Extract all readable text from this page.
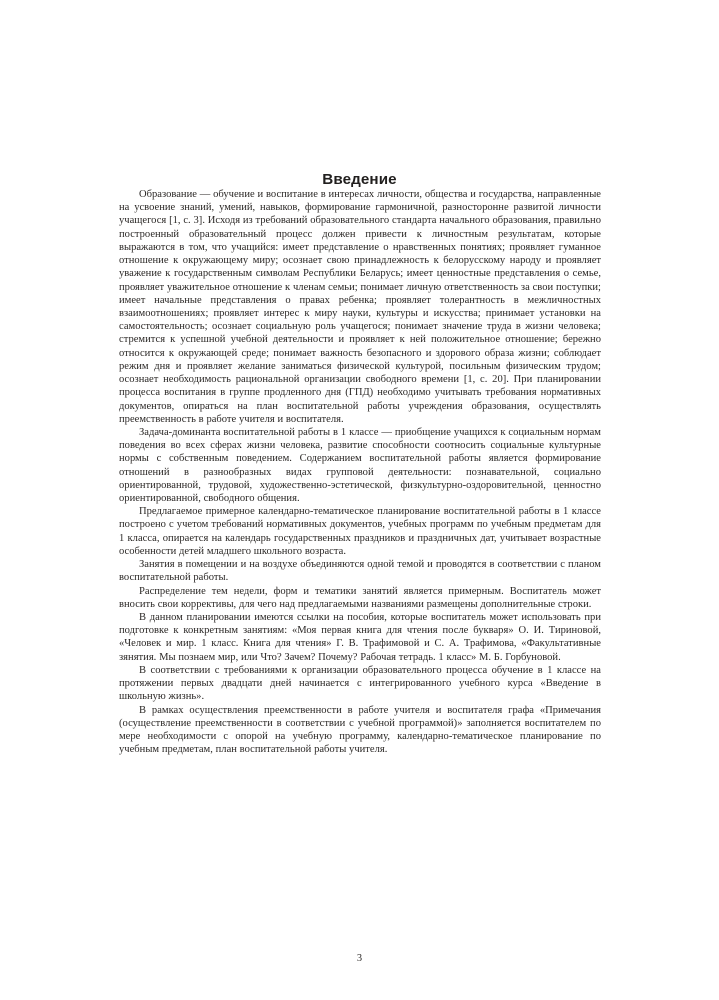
Введение

Образование — обучение и воспитание в интересах личности, общества и государства, направленные на усвоение знаний, умений, навыков, формирование гармоничной, разносторонне развитой личности учащегося [1, с. 3]. Исходя из требований образовательного стандарта начального образования, правильно построенный образовательный процесс должен привести к личностным результатам, которые выражаются в том, что учащийся: имеет представление о нравственных понятиях; проявляет гуманное отношение к окружающему миру; осознает свою принадлежность к белорусскому народу и проявляет уважение к государственным символам Республики Беларусь; имеет ценностные представления о семье, проявляет уважительное отношение к членам семьи; понимает личную ответственность за свои поступки; имеет начальные представления о правах ребенка; проявляет толерантность в межличностных взаимоотношениях; проявляет интерес к миру науки, культуры и искусства; принимает установки на самостоятельность; осознает социальную роль учащегося; понимает значение труда в жизни человека; стремится к успешной учебной деятельности и проявляет к ней положительное отношение; бережно относится к окружающей среде; понимает важность безопасного и здорового образа жизни; соблюдает режим дня и проявляет желание заниматься физической культурой, посильным физическим трудом; осознает необходимость рациональной организации свободного времени [1, с. 20]. При планировании процесса воспитания в группе продленного дня (ГПД) необходимо учитывать требования нормативных документов, опираться на план воспитательной работы учреждения образования, осуществлять преемственность в работе учителя и воспитателя.

Задача-доминанта воспитательной работы в 1 классе — приобщение учащихся к социальным нормам поведения во всех сферах жизни человека, развитие способности соотносить социальные культурные нормы с собственным поведением. Содержанием воспитательной работы является формирование отношений в разнообразных видах групповой деятельности: познавательной, социально ориентированной, трудовой, художественно-эстетической, физкультурно-оздоровительной, ценностно ориентированной, свободного общения.

Предлагаемое примерное календарно-тематическое планирование воспитательной работы в 1 классе построено с учетом требований нормативных документов, учебных программ по учебным предметам для 1 класса, опирается на календарь государственных праздников и праздничных дат, учитывает возрастные особенности детей младшего школьного возраста.

Занятия в помещении и на воздухе объединяются одной темой и проводятся в соответствии с планом воспитательной работы.

Распределение тем недели, форм и тематики занятий является примерным. Воспитатель может вносить свои коррективы, для чего над предлагаемыми названиями размещены дополнительные строки.

В данном планировании имеются ссылки на пособия, которые воспитатель может использовать при подготовке к конкретным занятиям: «Моя первая книга для чтения после букваря» О. И. Тириновой, «Человек и мир. 1 класс. Книга для чтения» Г. В. Трафимовой и С. А. Трафимова, «Факультативные зянятия. Мы познаем мир, или Что? Зачем? Почему? Рабочая тетрадь. 1 класс» М. Б. Горбуновой.

В соответствии с требованиями к организации образовательного процесса обучение в 1 классе на протяжении первых двадцати дней начинается с интегрированного учебного курса «Введение в школьную жизнь».

В рамках осуществления преемственности в работе учителя и воспитателя графа «Примечания (осуществление преемственности в соответствии с учебной программой)» заполняется воспитателем по мере необходимости с опорой на учебную программу, календарно-тематическое планирование по учебным предметам, план воспитательной работы учителя.

3
